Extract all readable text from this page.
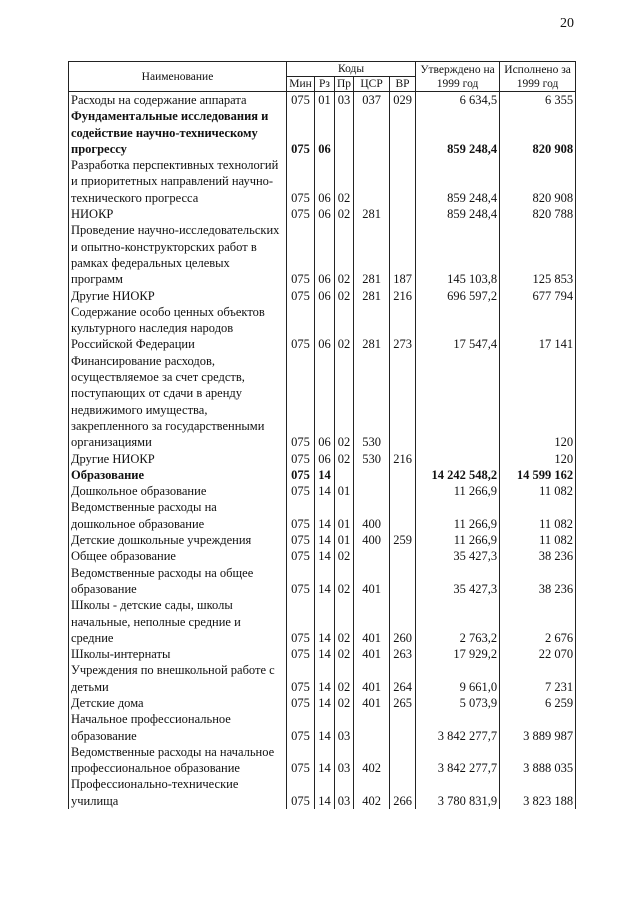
20
Наименование	Коды					Утверждено на 1999 год	Исполнено за 1999 год
	Мин	Рз	Пр	ЦСР	ВР		
Расходы на содержание аппарата	075	01	03	037	029	6 634,5	6 355
Фундаментальные исследования и содействие научно-техническому прогрессу	075	06				859 248,4	820 908
Разработка перспективных технологий и приоритетных направлений научно-технического прогресса	075	06	02			859 248,4	820 908
НИОКР	075	06	02	281		859 248,4	820 788
Проведение научно-исследовательских и опытно-конструкторских работ в рамках федеральных целевых программ	075	06	02	281	187	145 103,8	125 853
Другие НИОКР	075	06	02	281	216	696 597,2	677 794
Содержание особо ценных объектов культурного наследия народов Российской Федерации	075	06	02	281	273	17 547,4	17 141
Финансирование расходов, осуществляемое за счет средств, поступающих от сдачи в аренду недвижимого имущества, закрепленного за государственными организациями	075	06	02	530			120
Другие НИОКР	075	06	02	530	216		120
Образование	075	14				14 242 548,2	14 599 162
Дошкольное образование	075	14	01			11 266,9	11 082
Ведомственные расходы на дошкольное образование	075	14	01	400		11 266,9	11 082
Детские дошкольные учреждения	075	14	01	400	259	11 266,9	11 082
Общее образование	075	14	02			35 427,3	38 236
Ведомственные расходы на общее образование	075	14	02	401		35 427,3	38 236
Школы - детские сады, школы начальные, неполные средние и средние	075	14	02	401	260	2 763,2	2 676
Школы-интернаты	075	14	02	401	263	17 929,2	22 070
Учреждения по внешкольной работе с детьми	075	14	02	401	264	9 661,0	7 231
Детские дома	075	14	02	401	265	5 073,9	6 259
Начальное профессиональное образование	075	14	03			3 842 277,7	3 889 987
Ведомственные расходы на начальное профессиональное образование	075	14	03	402		3 842 277,7	3 888 035
Профессионально-технические училища	075	14	03	402	266	3 780 831,9	3 823 188
